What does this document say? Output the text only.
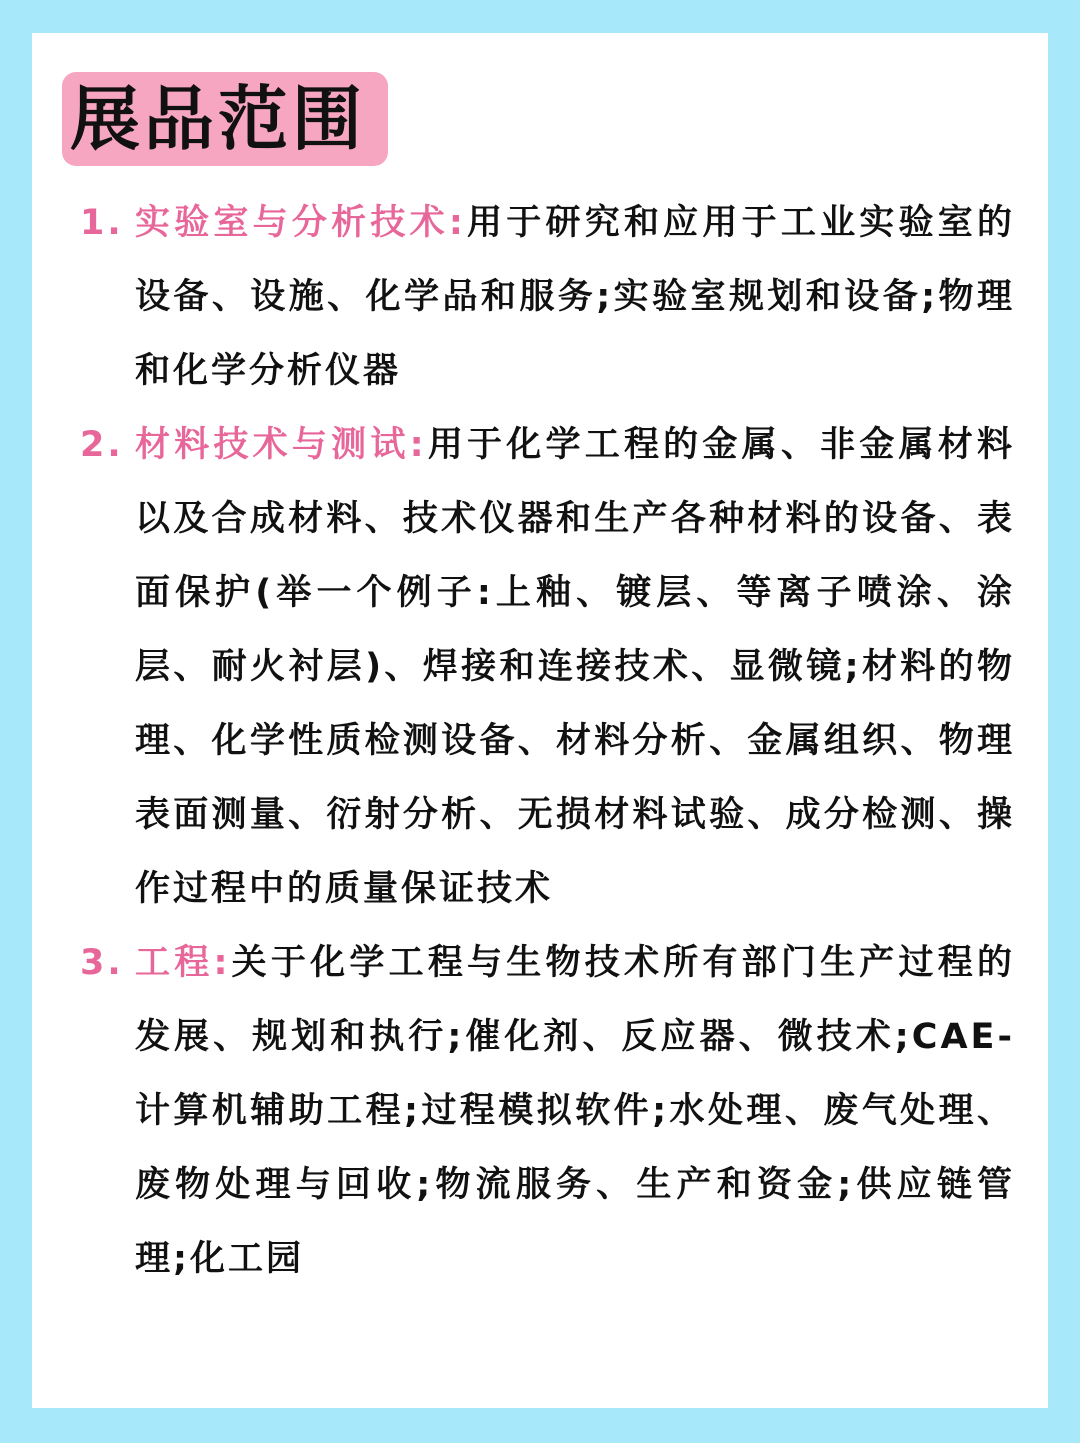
展品范围
1. 实验室与分析技术:用于研究和应用于工业实验室的设备、设施、化学品和服务;实验室规划和设备;物理和化学分析仪器
2. 材料技术与测试:用于化学工程的金属、非金属材料以及合成材料、技术仪器和生产各种材料的设备、表面保护(举一个例子:上釉、镀层、等离子喷涂、涂层、耐火衬层)、焊接和连接技术、显微镜;材料的物理、化学性质检测设备、材料分析、金属组织、物理表面测量、衍射分析、无损材料试验、成分检测、操作过程中的质量保证技术
3. 工程:关于化学工程与生物技术所有部门生产过程的发展、规划和执行;催化剂、反应器、微技术;CAE-计算机辅助工程;过程模拟软件;水处理、废气处理、废物处理与回收;物流服务、生产和资金;供应链管理;化工园
